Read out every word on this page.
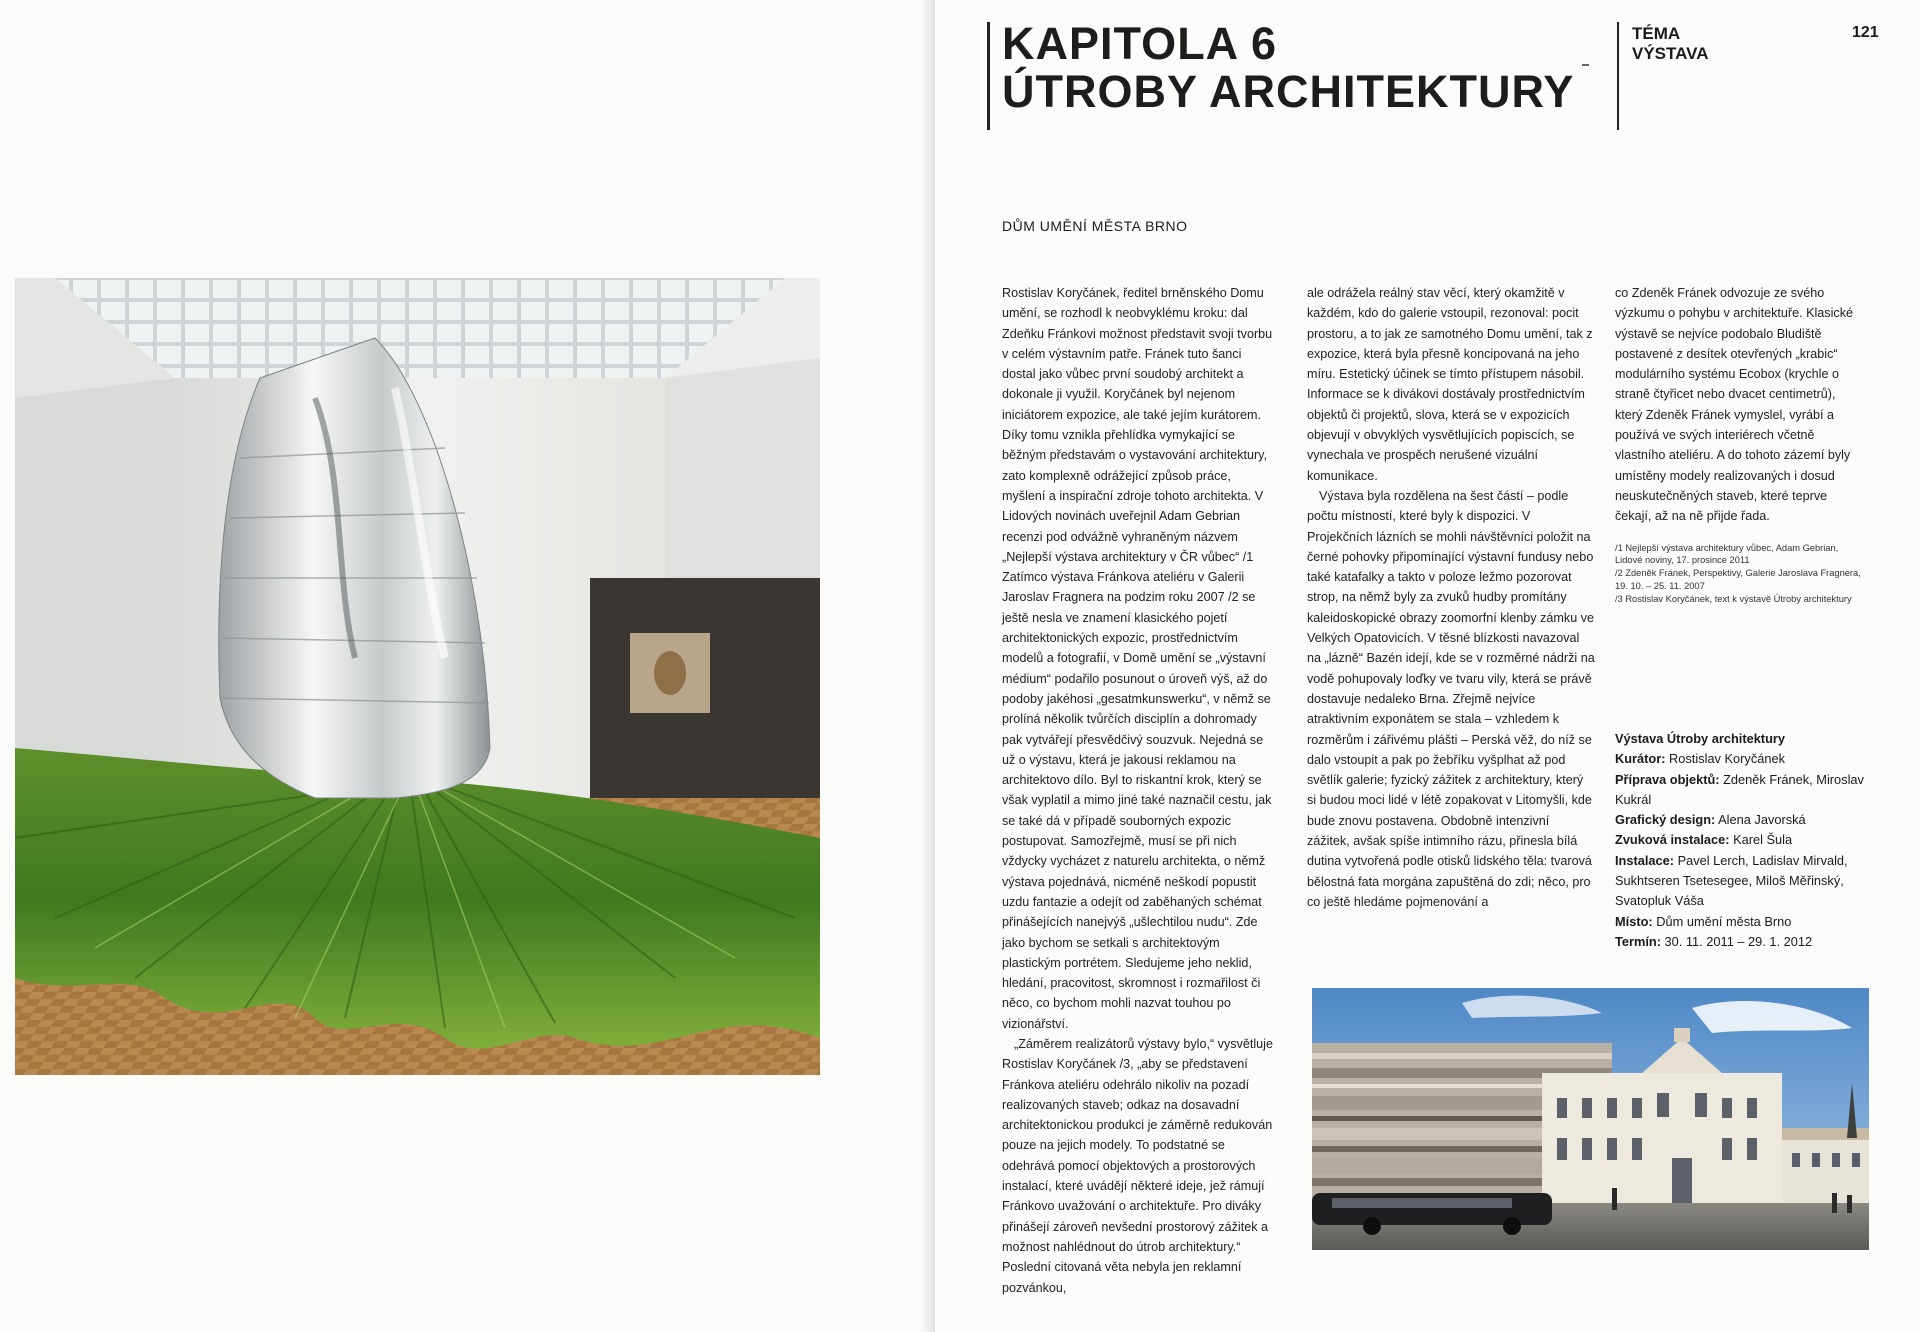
KAPITOLA 6
ÚTROBY ARCHITEKTURY
TÉMA
VÝSTAVA
121
DŮM UMĚNÍ MĚSTA BRNO

Rostislav Koryčánek, ředitel brněnského Domu umění, se rozhodl k neobvyklému kroku: dal Zdeňku Fránkovi možnost představit svoji tvorbu v celém výstavním patře. Fránek tuto šanci dostal jako vůbec první soudobý architekt a dokonale ji využil. Koryčánek byl nejenom iniciátorem expozice, ale také jejím kurátorem. Díky tomu vznikla přehlídka vymykající se běžným představám o vystavování architektury, zato komplexně odrážející způsob práce, myšlení a inspirační zdroje tohoto architekta. V Lidových novinách uveřejnil Adam Gebrian recenzi pod odvážně vyhraněným názvem „Nejlepší výstava architektury v ČR vůbec“ /1 Zatímco výstava Fránkova ateliéru v Galerii Jaroslav Fragnera na podzim roku 2007 /2 se ještě nesla ve znamení klasického pojetí architektonických expozic, prostřednictvím modelů a fotografií, v Domě umění se „výstavní médium“ podařilo posunout o úroveň výš, až do podoby jakéhosi „gesatmkunswerku“, v němž se prolíná několik tvůrčích disciplín a dohromady pak vytvářejí přesvědčivý souzvuk. Nejedná se už o výstavu, která je jakousi reklamou na architektovo dílo. Byl to riskantní krok, který se však vyplatil a mimo jiné také naznačil cestu, jak se také dá v případě souborných expozic postupovat. Samozřejmě, musí se při nich vždycky vycházet z naturelu architekta, o němž výstava pojednává, nicméně neškodí popustit uzdu fantazie a odejít od zaběhaných schémat přinášejících nanejvýš „ušlechtilou nudu“. Zde jako bychom se setkali s architektovým plastickým portrétem. Sledujeme jeho neklid, hledání, pracovitost, skromnost i rozmařilost či něco, co bychom mohli nazvat touhou po vizionářství.

„Záměrem realizátorů výstavy bylo,“ vysvětluje Rostislav Koryčánek /3, „aby se představení Fránkova ateliéru odehrálo nikoliv na pozadí realizovaných staveb; odkaz na dosavadní architektonickou produkci je záměrně redukován pouze na jejich modely. To podstatné se odehrává pomocí objektových a prostorových instalací, které uvádějí některé ideje, jež rámují Fránkovo uvažování o architektuře. Pro diváky přinášejí zároveň nevšední prostorový zážitek a možnost nahlédnout do útrob architektury.“ Poslední citovaná věta nebyla jen reklamní pozvánkou,

ale odrážela reálný stav věcí, který okamžitě v každém, kdo do galerie vstoupil, rezonoval: pocit prostoru, a to jak ze samotného Domu umění, tak z expozice, která byla přesně koncipovaná na jeho míru. Estetický účinek se tímto přístupem násobil. Informace se k divákovi dostávaly prostřednictvím objektů či projektů, slova, která se v expozicích objevují v obvyklých vysvětlujících popiscích, se vynechala ve prospěch nerušené vizuální komunikace.

Výstava byla rozdělena na šest částí – podle počtu místností, které byly k dispozici. V Projekčních lázních se mohli návštěvníci položit na černé pohovky připomínající výstavní fundusy nebo také katafalky a takto v poloze ležmo pozorovat strop, na němž byly za zvuků hudby promítány kaleidoskopické obrazy zoomorfní klenby zámku ve Velkých Opatovicích. V těsné blízkosti navazoval na „lázně“ Bazén idejí, kde se v rozměrné nádrži na vodě pohupovaly loďky ve tvaru vily, která se právě dostavuje nedaleko Brna. Zřejmě nejvíce atraktivním exponátem se stala – vzhledem k rozměrům i zářivému plášti – Perská věž, do níž se dalo vstoupit a pak po žebříku vyšplhat až pod světlík galerie; fyzický zážitek z architektury, který si budou moci lidé v létě zopakovat v Litomyšli, kde bude znovu postavena. Obdobně intenzivní zážitek, avšak spíše intimního rázu, přinesla bílá dutina vytvořená podle otisků lidského těla: tvarová bělostná fata morgána zapuštěná do zdi; něco, pro co ještě hledáme pojmenování a

co Zdeněk Fránek odvozuje ze svého výzkumu o pohybu v architektuře. Klasické výstavě se nejvíce podobalo Bludiště postavené z desítek otevřených „krabic“ modulárního systému Ecobox (krychle o straně čtyřicet nebo dvacet centimetrů), který Zdeněk Fránek vymyslel, vyrábí a používá ve svých interiérech včetně vlastního ateliéru. A do tohoto zázemí byly umístěny modely realizovaných i dosud neuskutečněných staveb, které teprve čekají, až na ně přijde řada.

/1 Nejlepší výstava architektury vůbec, Adam Gebrian, Lidové noviny, 17. prosince 2011
/2 Zdeněk Fránek, Perspektivy, Galerie Jaroslava Fragnera, 19. 10. – 25. 11. 2007
/3 Rostislav Koryčánek, text k výstavě Útroby architektury
Výstava Útroby architektury
Kurátor: Rostislav Koryčánek
Příprava objektů: Zdeněk Fránek, Miroslav Kukrál
Grafický design: Alena Javorská
Zvuková instalace: Karel Šula
Instalace: Pavel Lerch, Ladislav Mirvald, Sukhtseren Tsetesegee, Miloš Měřinský, Svatopluk Váša
Místo: Dům umění města Brno
Termín: 30. 11. 2011 – 29. 1. 2012
